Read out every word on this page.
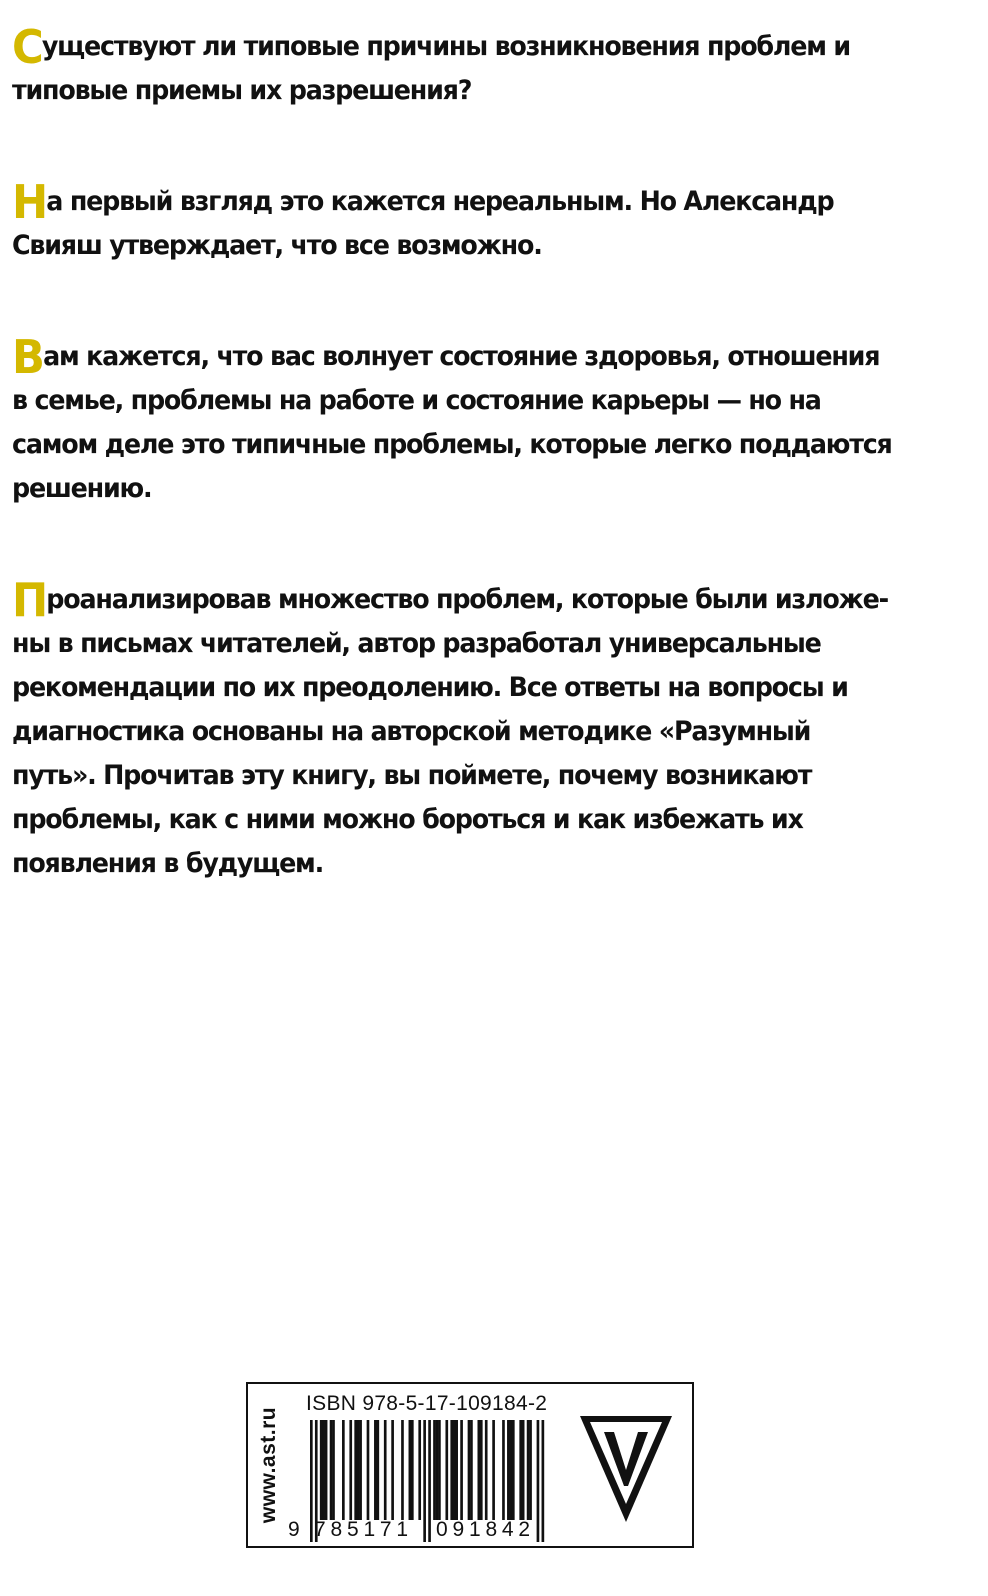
Существуют ли типовые причины возникновения проблем и
типовые приемы их разрешения?
На первый взгляд это кажется нереальным. Но Александр
Свияш утверждает, что все возможно.
Вам кажется, что вас волнует состояние здоровья, отношения
в семье, проблемы на работе и состояние карьеры — но на
самом деле это типичные проблемы, которые легко поддаются
решению.
Проанализировав множество проблем, которые были изложе-
ны в письмах читателей, автор разработал универсальные
рекомендации по их преодолению. Все ответы на вопросы и
диагностика основаны на авторской методике «Разумный
путь». Прочитав эту книгу, вы поймете, почему возникают
проблемы, как с ними можно бороться и как избежать их
появления в будущем.
www.ast.ru
ISBN 978-5-17-109184-2
9 785171 091842
